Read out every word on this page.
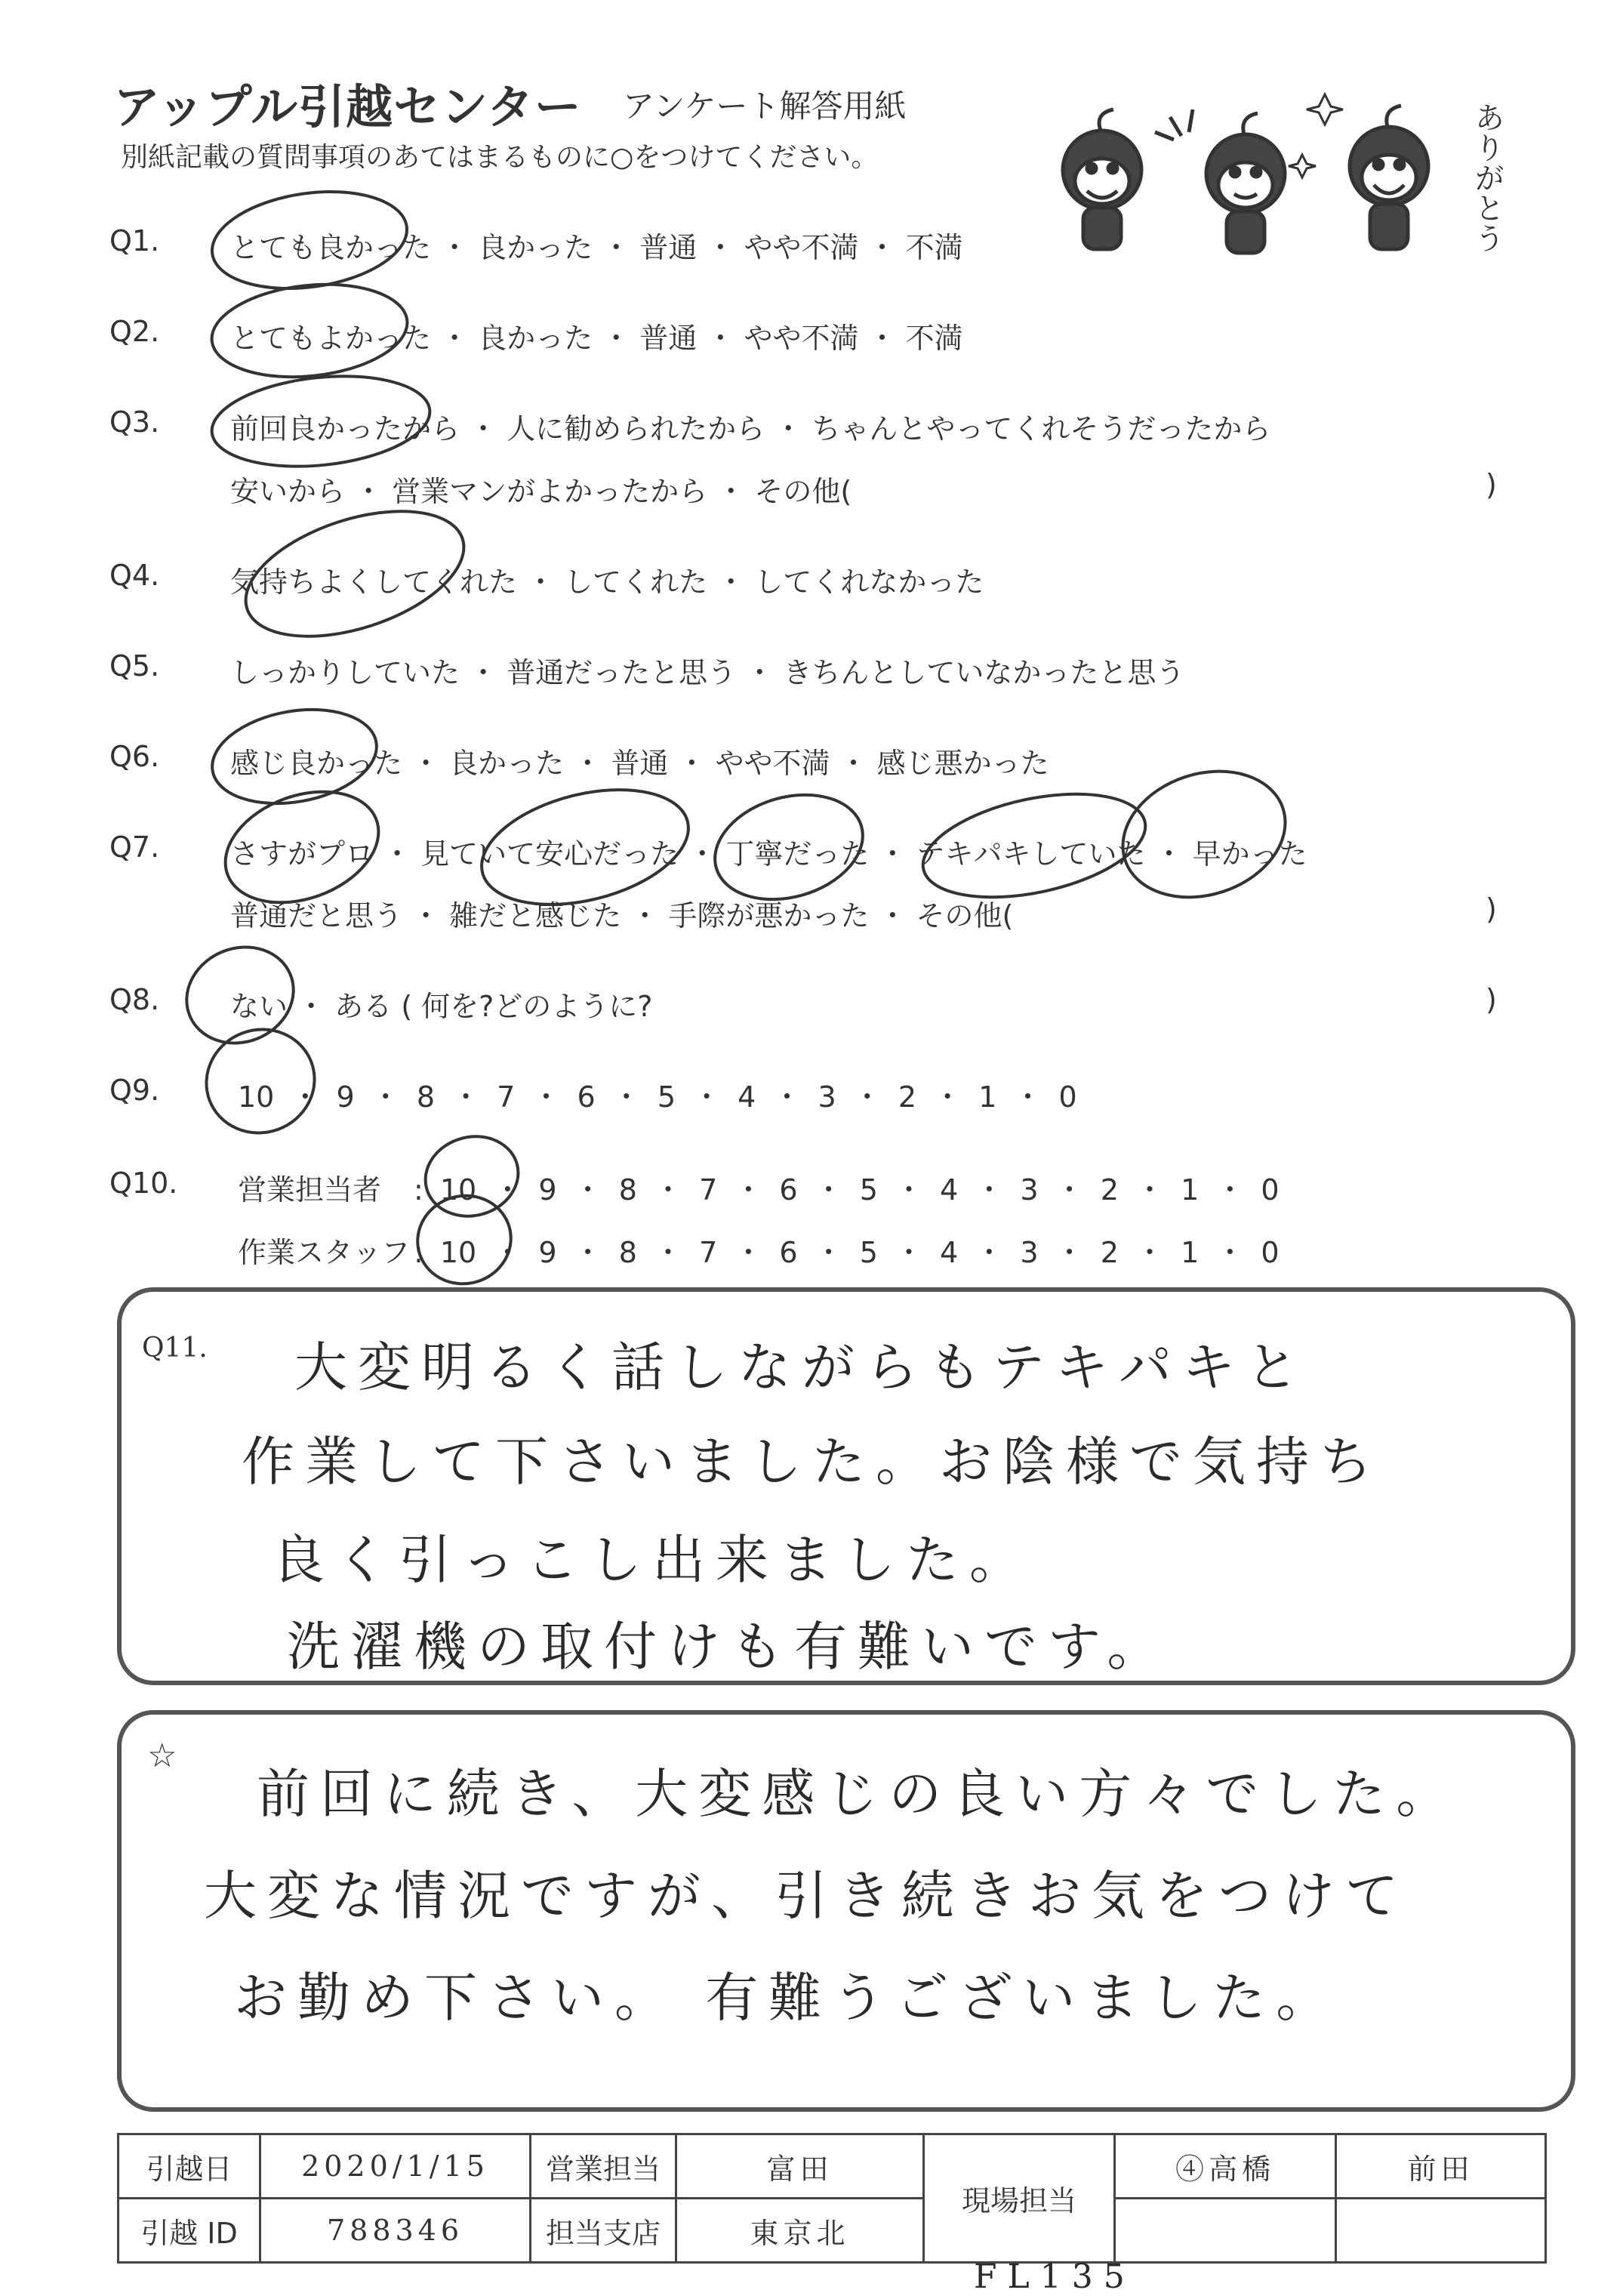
アップル引越センター アンケート解答用紙
別紙記載の質問事項のあてはまるものに○をつけてください。	ありがとう
Q1. とても良かった ・ 良かった ・ 普通 ・ やや不満 ・ 不満
Q2. とてもよかった ・ 良かった ・ 普通 ・ やや不満 ・ 不満
Q3. 前回良かったから ・ 人に勧められたから ・ ちゃんとやってくれそうだったから
安いから ・ 営業マンがよかったから ・ その他(	)
Q4. 気持ちよくしてくれた ・ してくれた ・ してくれなかった
Q5. しっかりしていた ・ 普通だったと思う ・ きちんとしていなかったと思う
Q6. 感じ良かった ・ 良かった ・ 普通 ・ やや不満 ・ 感じ悪かった
Q7. さすがプロ ・ 見ていて安心だった ・ 丁寧だった ・ テキパキしていた ・ 早かった
普通だと思う ・ 雑だと感じた ・ 手際が悪かった ・ その他(	)
Q8. ない ・ ある ( 何を?どのように?	)
Q9.	10 ・ 9 ・ 8 ・ 7 ・ 6 ・ 5 ・ 4 ・ 3 ・ 2 ・ 1 ・ 0
Q10. 営業担当者 : 10 ・ 9 ・ 8 ・ 7 ・ 6 ・ 5 ・ 4 ・ 3 ・ 2 ・ 1 ・ 0
作業スタッフ : 10 ・ 9 ・ 8 ・ 7 ・ 6 ・ 5 ・ 4 ・ 3 ・ 2 ・ 1 ・ 0
Q11. 大変明るく話しながらもテキパキと
作業して下さいました。お陰様で気持ち
良く引っこし出来ました。
洗濯機の取付けも有難いです。
☆
前回に続き、大変感じの良い方々でした。
大変な情況ですが、引き続きお気をつけて
お勤め下さい。 有難うございました。
引越日	2020/1/15	営業担当	富田	現場担当	④高橋	前田
引越 ID	788346	担当支店	東京北			
FL135
